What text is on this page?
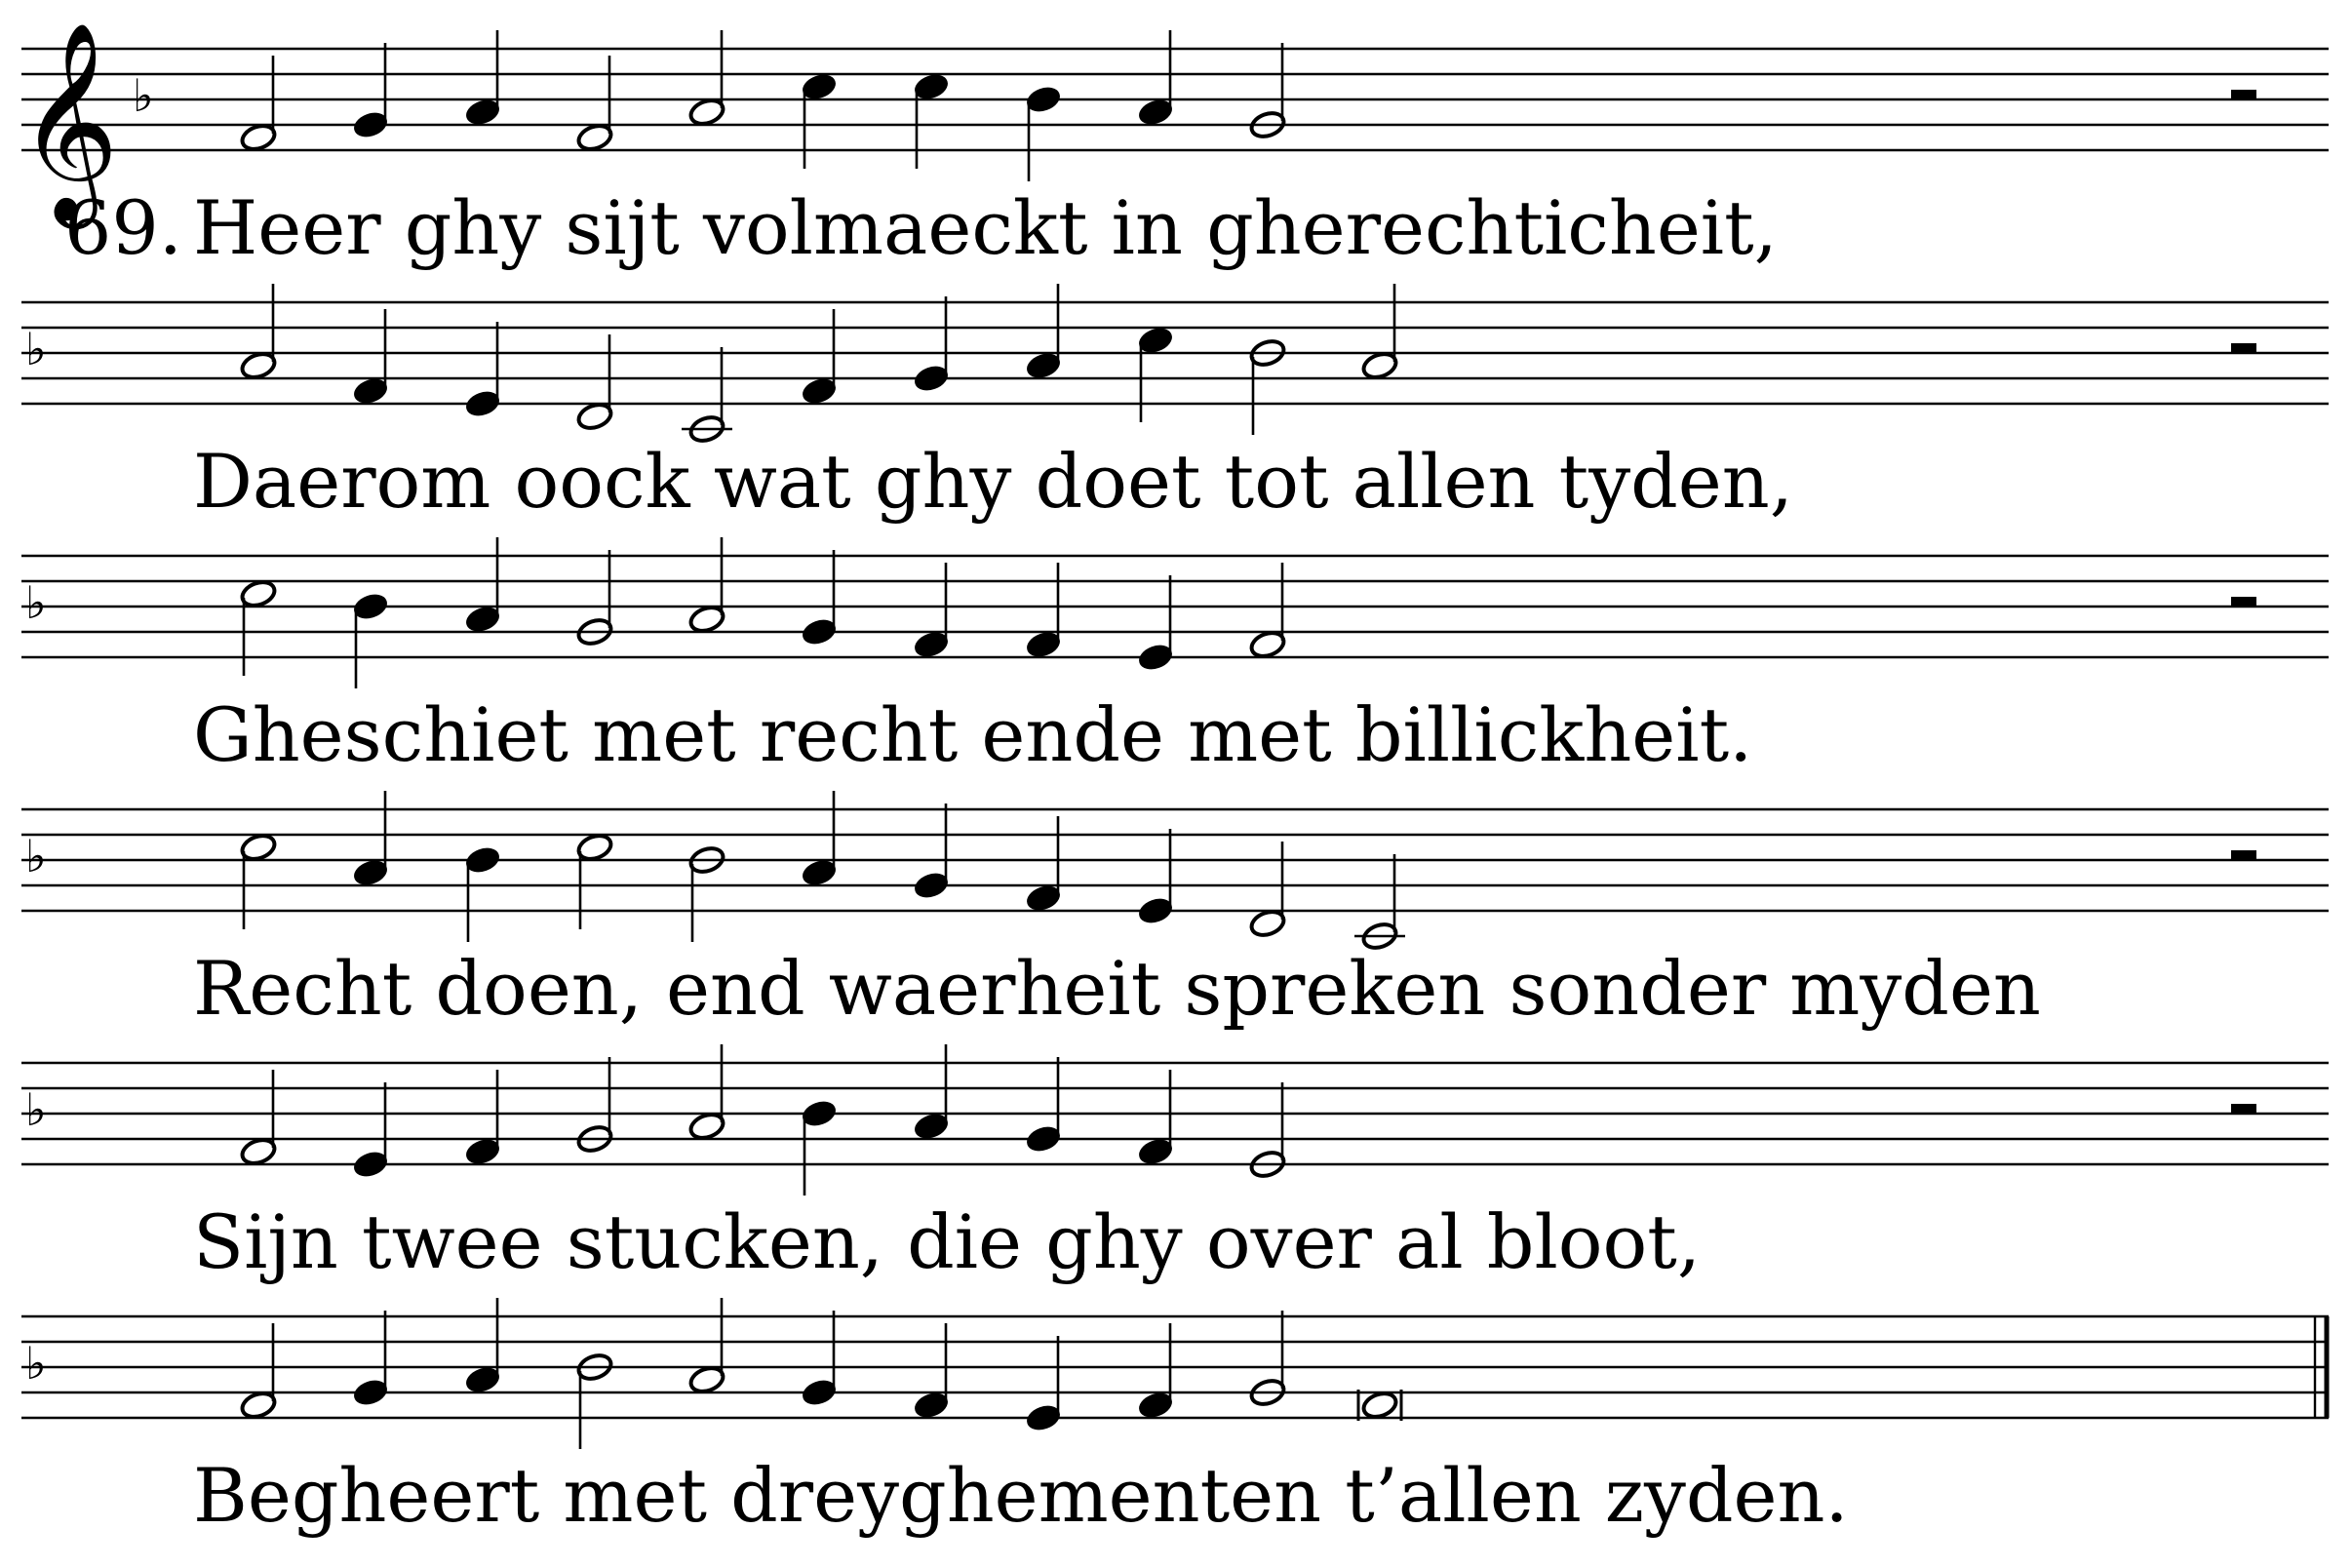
𝄞 ♭
♭
♭
♭
♭
♭
69. Heer ghy sijt volmaeckt in gherechticheit,
Daerom oock wat ghy doet tot allen tyden,
Gheschiet met recht ende met billickheit.
Recht doen, end waerheit spreken sonder myden
Sijn twee stucken, die ghy over al bloot,
Begheert met dreyghementen t’allen zyden.
